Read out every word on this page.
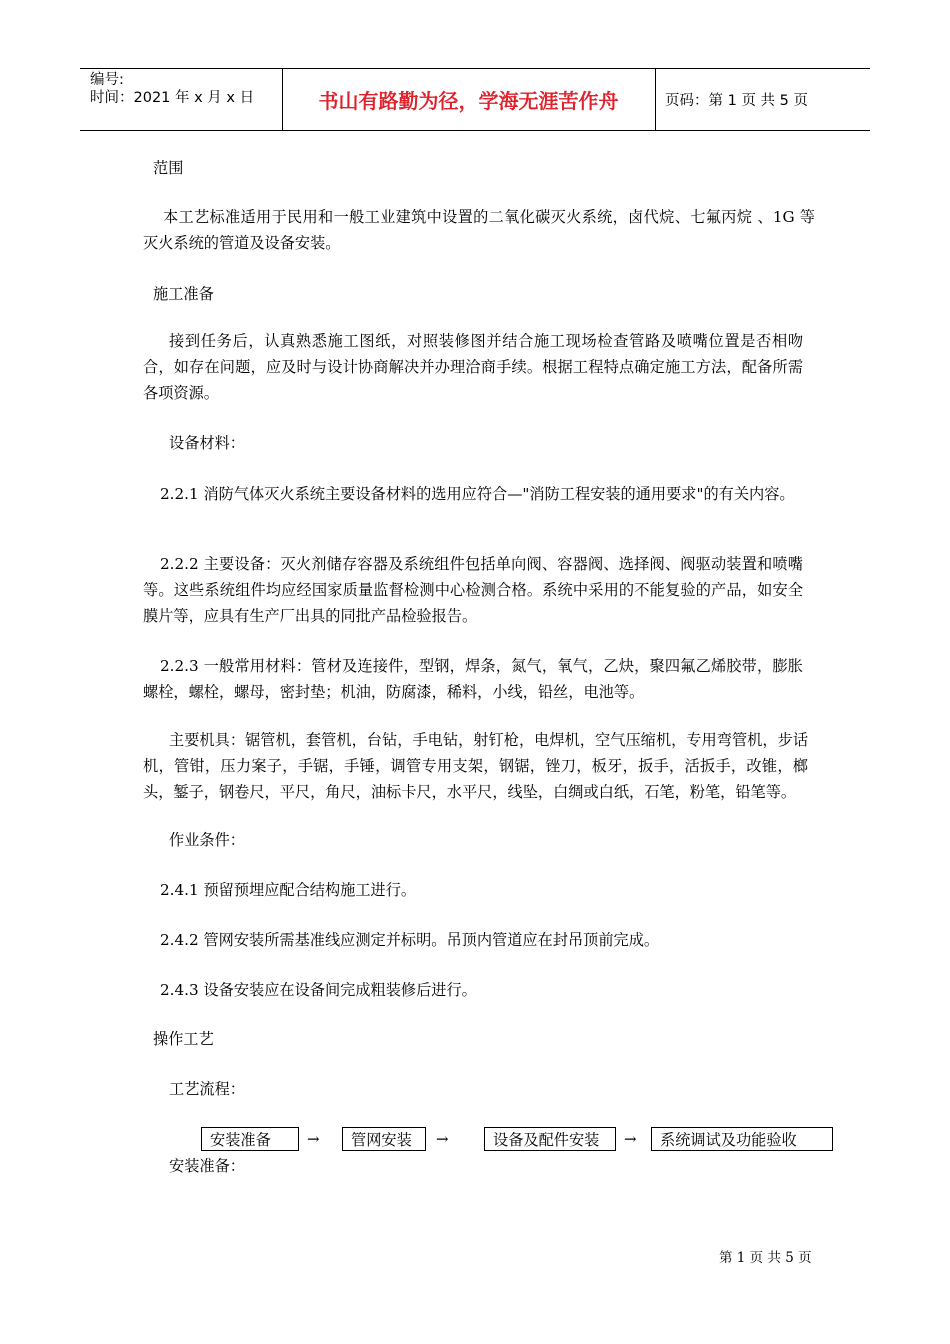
编号:
时间：2021 年 x 月 x 日	书山有路勤为径，学海无涯苦作舟	页码：第 1 页 共 5 页
范围
本工艺标准适用于民用和一般工业建筑中设置的二氧化碳灭火系统，卤代烷、七氟丙烷 、1G 等灭火系统的管道及设备安装。
施工准备
接到任务后，认真熟悉施工图纸，对照装修图并结合施工现场检查管路及喷嘴位置是否相吻合，如存在问题，应及时与设计协商解决并办理洽商手续。根据工程特点确定施工方法，配备所需各项资源。
设备材料：
2.2.1 消防气体灭火系统主要设备材料的选用应符合—"消防工程安装的通用要求"的有关内容。
2.2.2 主要设备：灭火剂储存容器及系统组件包括单向阀、容器阀、选择阀、阀驱动装置和喷嘴等。这些系统组件均应经国家质量监督检测中心检测合格。系统中采用的不能复验的产品，如安全膜片等，应具有生产厂出具的同批产品检验报告。
2.2.3 一般常用材料：管材及连接件，型钢，焊条，氮气，氧气，乙炔，聚四氟乙烯胶带，膨胀螺栓，螺栓，螺母，密封垫；机油，防腐漆，稀料，小线，铅丝，电池等。
主要机具：锯管机，套管机，台钻，手电钻，射钉枪，电焊机，空气压缩机，专用弯管机，步话机，管钳，压力案子，手锯，手锤，调管专用支架，钢锯，锉刀，板牙，扳手，活扳手，改锥，榔头，錾子，钢卷尺，平尺，角尺，油标卡尺，水平尺，线坠，白绸或白纸，石笔，粉笔，铅笔等。
作业条件：
2.4.1 预留预埋应配合结构施工进行。
2.4.2 管网安装所需基准线应测定并标明。吊顶内管道应在封吊顶前完成。
2.4.3 设备安装应在设备间完成粗装修后进行。
操作工艺
工艺流程：
安装准备	→	管网安装	→	设备及配件安装	→	系统调试及功能验收
安装准备：
第 1 页 共 5 页
